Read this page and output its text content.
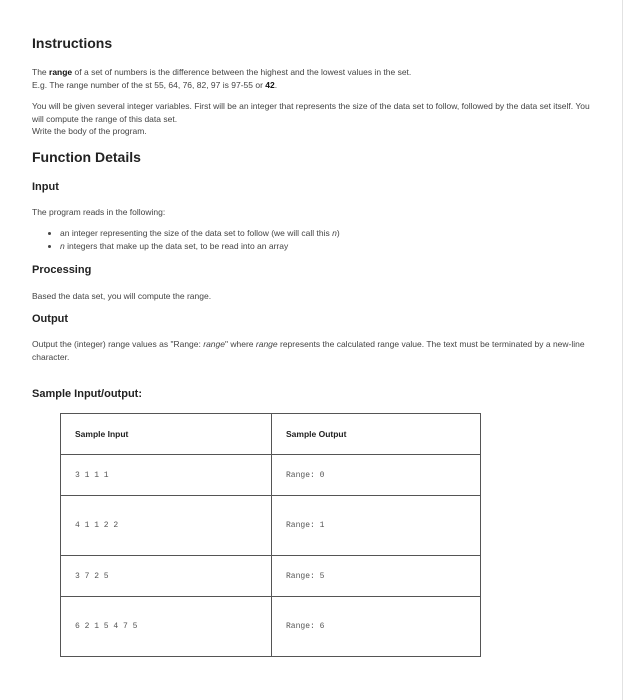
Instructions

The range of a set of numbers is the difference between the highest and the lowest values in the set.
E.g. The range number of the st 55, 64, 76, 82, 97 is 97-55 or 42.

You will be given several integer variables. First will be an integer that represents the size of the data set to follow, followed by the data set itself. You will compute the range of this data set.
Write the body of the program.

Function Details
Input

The program reads in the following:

• an integer representing the size of the data set to follow (we will call this n)
• n integers that make up the data set, to be read into an array
Processing

Based the data set, you will compute the range.

Output

Output the (integer) range values as "Range: range" where range represents the calculated range value. The text must be terminated by a new-line character.

Sample Input/output:
Sample Input	Sample Output
3 1 1 1	Range: 0
4 1 1 2 2	Range: 1
3 7 2 5	Range: 5
6 2 1 5 4 7 5	Range: 6
